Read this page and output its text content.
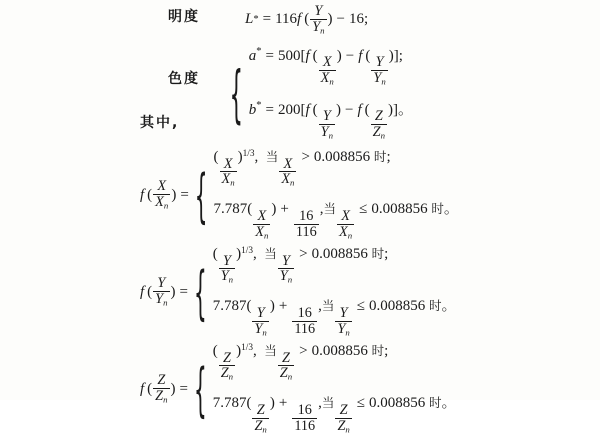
明度	L * = 116 f ( $\frac{Y}{Y_n}$ ) − 16 ;
色度 {
a* = 500[f ( $\frac{X}{X_n}$ ) − f ( $\frac{Y}{Y_n}$ )];
b* = 200[f ( $\frac{Y}{Y_n}$ ) − f ( $\frac{Z}{Z_n}$ )]。
其中,
f ( $\frac{X}{X_n}$ ) = {
( $\frac{X}{X_n} )^{1/3}$, 当 $\frac{X}{X_n} > 0.008856$ 时;
$7.787( \frac{X}{X_n}$ ) + $\frac{16}{116}$ ,当 $\frac{X}{X_n} \le 0.008856$ 时。
f ( $\frac{Y}{Y_n}$ ) = {
( $\frac{Y}{Y_n} )^{1/3}$, 当 $\frac{Y}{Y_n} > 0.008856$ 时;
$7.787( \frac{Y}{Y_n}$ ) + $\frac{16}{116}$ ,当 $\frac{Y}{Y_n} \le 0.008856$ 时。
f ( $\frac{Z}{Z_n}$ ) = {
( $\frac{Z}{Z_n} )^{1/3}$, 当 $\frac{Z}{Z_n} > 0.008856$ 时;
$7.787( \frac{Z}{Z_n}$ ) + $\frac{16}{116}$ ,当 $\frac{Z}{Z_n} \le 0.008856$ 时。
